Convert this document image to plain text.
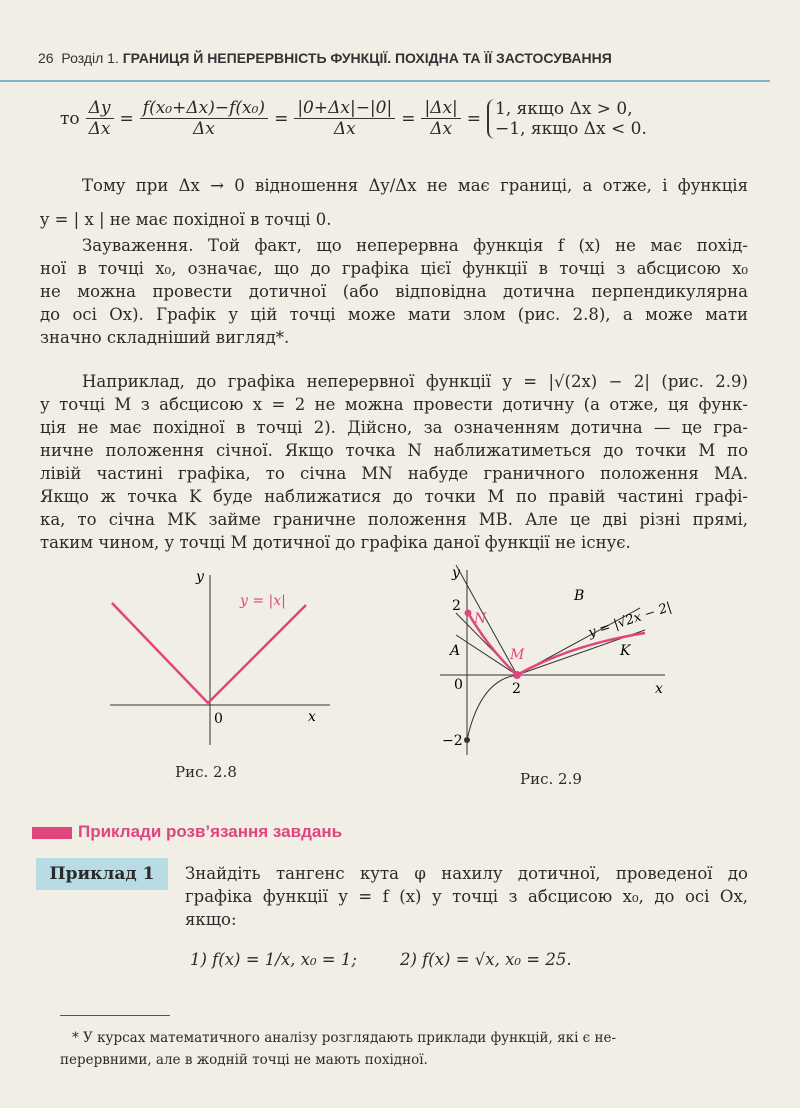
26 Розділ 1. ГРАНИЦЯ Й НЕПЕРЕРВНІСТЬ ФУНКЦІЇ. ПОХІДНА ТА ЇЇ ЗАСТОСУВАННЯ
то $\frac{\Delta y}{\Delta x} = \frac{\text{f(x₀+Δx)−f(x₀)}}{\Delta x} = \frac{|0+\Delta x|-|0|}{\Delta x} = \frac{|\Delta x|}{\Delta x} = 1$, якщо Δx > 0,
−1, якщо Δx < 0.
Тому при Δx → 0 відношення Δy/Δx не має границі, а отже, і функція
y = | x | не має похідної в точці 0.
Зауваження. Той факт, що неперервна функція f (x) не має похід-
ної в точці x₀, означає, що до графіка цієї функції в точці з абсцисою x₀
не можна провести дотичної (або відповідна дотична перпендикулярна
до осі Ox). Графік у цій точці може мати злом (рис. 2.8), а може мати
значно складніший вигляд*.
Наприклад, до графіка неперервної функції y = |√(2x) − 2| (рис. 2.9)
у точці M з абсцисою x = 2 не можна провести дотичну (а отже, ця функ-
ція не має похідної в точці 2). Дійсно, за означенням дотична — це гра-
ничне положення січної. Якщо точка N наближатиметься до точки M по
лівій частині графіка, то січна MN набуде граничного положення MA.
Якщо ж точка K буде наближатися до точки M по правій частині графі-
ка, то січна MK займе граничне положення MB. Але це дві різні прямі,
таким чином, у точці M дотичної до графіка даної функції не існує.
y
x
0
y = |x|
Рис. 2.8
y
x
0
2
2
−2
A
B
K
M
N	y = |√2x − 2|
Рис. 2.9
Приклади розв’язання завдань
Приклад 1	Знайдіть тангенс кута φ нахилу дотичної, проведеної до
графіка функції y = f (x) у точці з абсцисою x₀, до осі Ox,
якщо:
1) f(x) = 1/x, x₀ = 1;	2) f(x) = √x, x₀ = 25.
* У курсах математичного аналізу розглядають приклади функцій, які є не-
перервними, але в жодній точці не мають похідної.
